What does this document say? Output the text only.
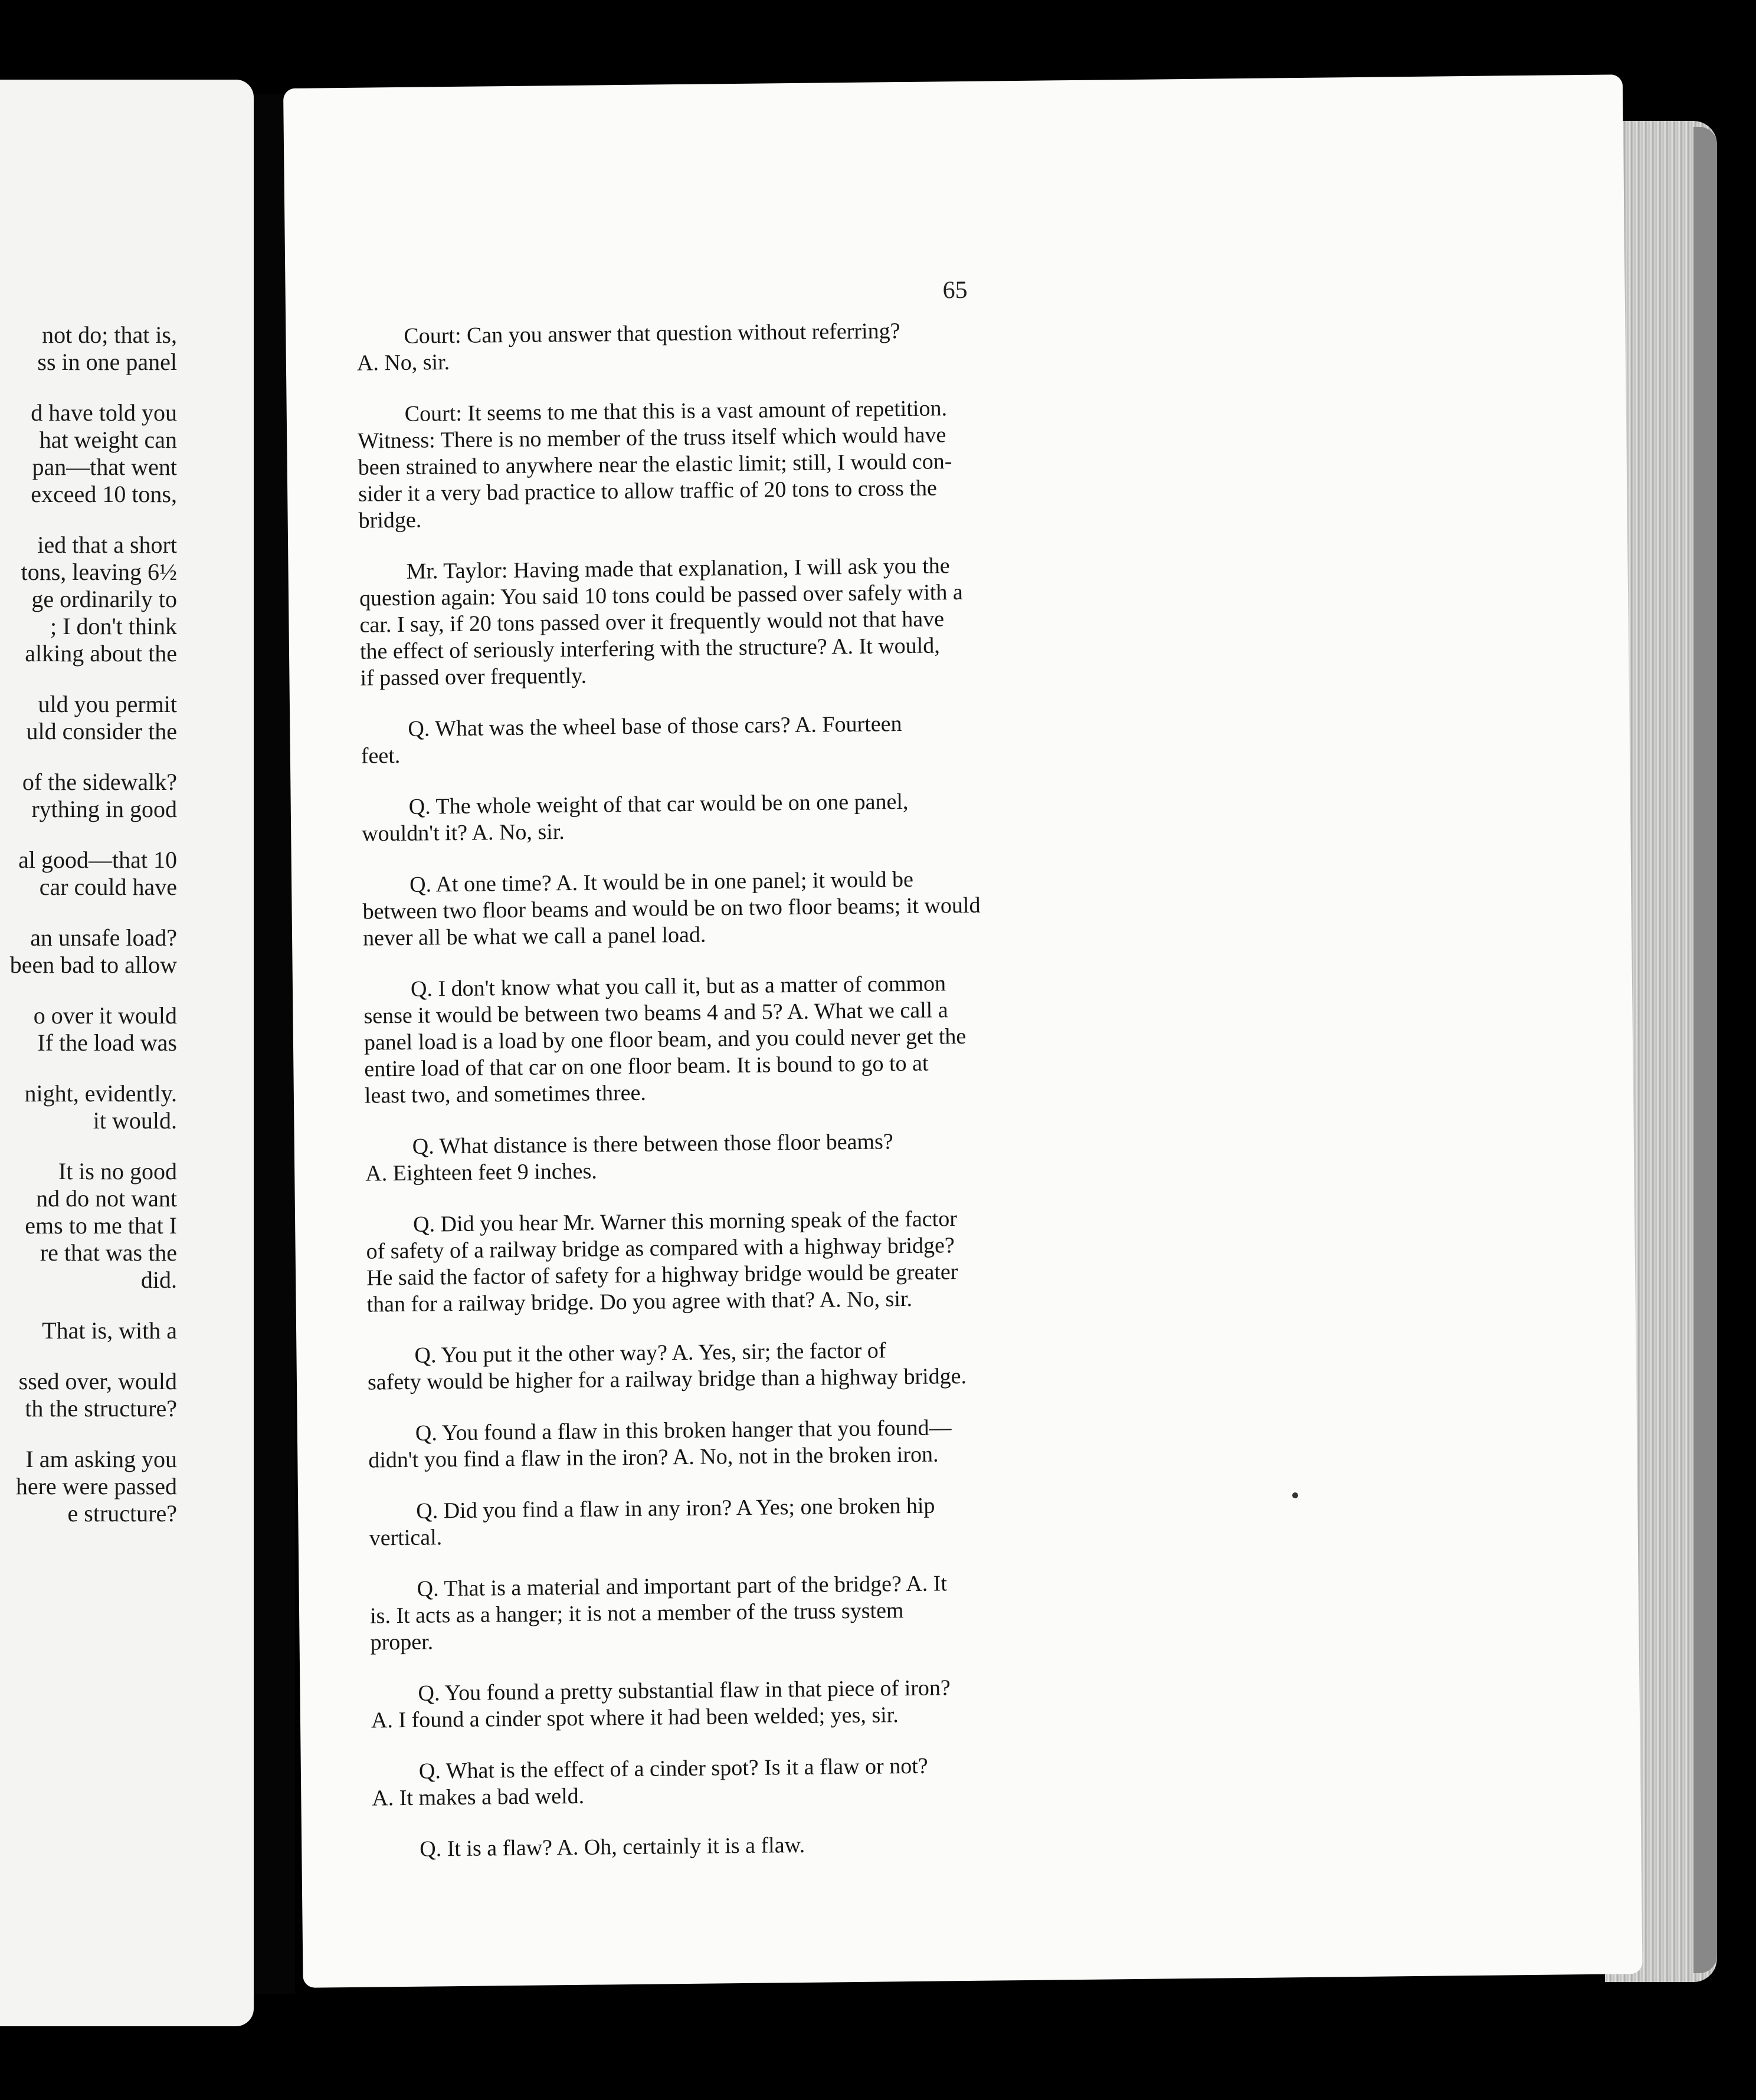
not do; that is,
ss in one panel
d have told you
hat weight can
pan—that went
exceed 10 tons,
ied that a short
tons, leaving 6½
ge ordinarily to
; I don't think
alking about the
uld you permit
uld consider the
of the sidewalk?
rything in good
al good—that 10
car could have
an unsafe load?
been bad to allow
o over it would
If the load was
night, evidently.
it would.
It is no good
nd do not want
ems to me that I
re that was the
did.
That is, with a
ssed over, would
th the structure?
I am asking you
here were passed
e structure?
65
Court: Can you answer that question without referring?
A. No, sir.
Court: It seems to me that this is a vast amount of repetition.
Witness: There is no member of the truss itself which would have
been strained to anywhere near the elastic limit; still, I would con-
sider it a very bad practice to allow traffic of 20 tons to cross the
bridge.
Mr. Taylor: Having made that explanation, I will ask you the
question again: You said 10 tons could be passed over safely with a
car. I say, if 20 tons passed over it frequently would not that have
the effect of seriously interfering with the structure? A. It would,
if passed over frequently.
Q. What was the wheel base of those cars? A. Fourteen
feet.
Q. The whole weight of that car would be on one panel,
wouldn't it? A. No, sir.
Q. At one time? A. It would be in one panel; it would be
between two floor beams and would be on two floor beams; it would
never all be what we call a panel load.
Q. I don't know what you call it, but as a matter of common
sense it would be between two beams 4 and 5? A. What we call a
panel load is a load by one floor beam, and you could never get the
entire load of that car on one floor beam. It is bound to go to at
least two, and sometimes three.
Q. What distance is there between those floor beams?
A. Eighteen feet 9 inches.
Q. Did you hear Mr. Warner this morning speak of the factor
of safety of a railway bridge as compared with a highway bridge?
He said the factor of safety for a highway bridge would be greater
than for a railway bridge. Do you agree with that? A. No, sir.
Q. You put it the other way? A. Yes, sir; the factor of
safety would be higher for a railway bridge than a highway bridge.
Q. You found a flaw in this broken hanger that you found—
didn't you find a flaw in the iron? A. No, not in the broken iron.
Q. Did you find a flaw in any iron? A Yes; one broken hip
vertical.
Q. That is a material and important part of the bridge? A. It
is. It acts as a hanger; it is not a member of the truss system
proper.
Q. You found a pretty substantial flaw in that piece of iron?
A. I found a cinder spot where it had been welded; yes, sir.
Q. What is the effect of a cinder spot? Is it a flaw or not?
A. It makes a bad weld.
Q. It is a flaw? A. Oh, certainly it is a flaw.
